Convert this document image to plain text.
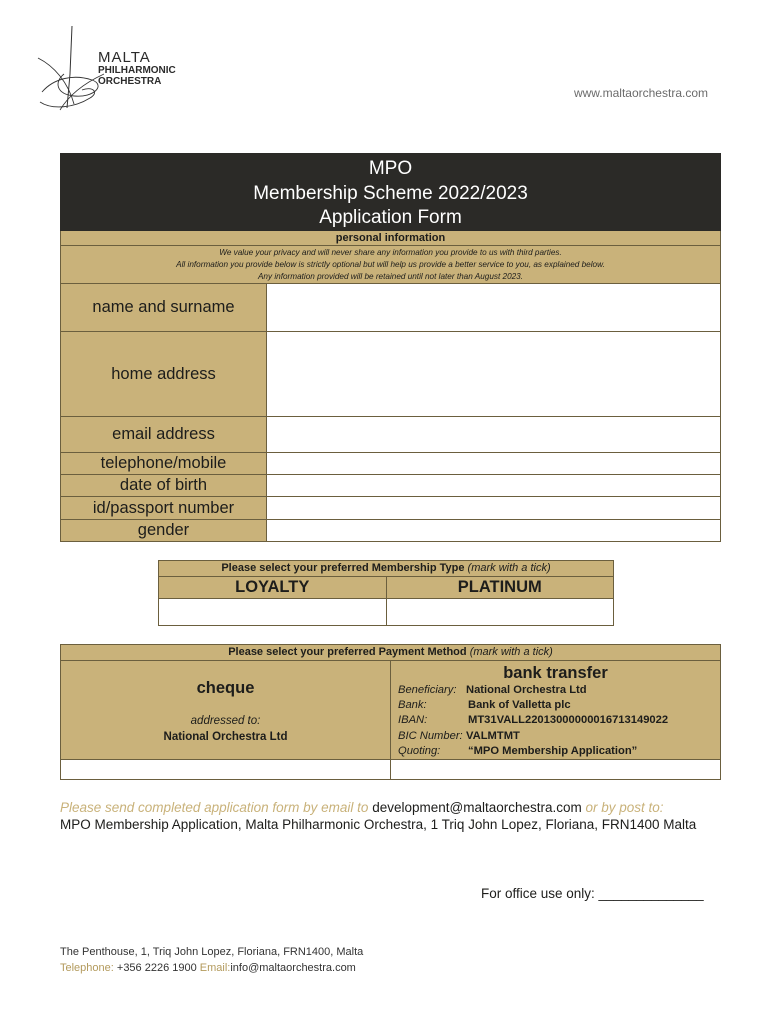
MALTA
PHILHARMONIC
ORCHESTRA
www.maltaorchestra.com
MPO
Membership Scheme 2022/2023
Application Form
personal information
We value your privacy and will never share any information you provide to us with third parties.
All information you provide below is strictly optional but will help us provide a better service to you, as explained below.
Any information provided will be retained until not later than August 2023.
name and surname
home address
email address
telephone/mobile
date of birth
id/passport number
gender
Please select your preferred Membership Type (mark with a tick)
LOYALTY	PLATINUM
Please select your preferred Payment Method (mark with a tick)
cheque
addressed to:
National Orchestra Ltd
bank transfer
Beneficiary: National Orchestra Ltd
Bank:	Bank of Valletta plc
IBAN:	MT31VALL22013000000016713149022
BIC Number: VALMTMT
Quoting: “MPO Membership Application”
Please send completed application form by email to development@maltaorchestra.com or by post to:
MPO Membership Application, Malta Philharmonic Orchestra, 1 Triq John Lopez, Floriana, FRN1400 Malta
For office use only: ______________
The Penthouse, 1, Triq John Lopez, Floriana, FRN1400, Malta
Telephone: +356 2226 1900 Email:info@maltaorchestra.com
